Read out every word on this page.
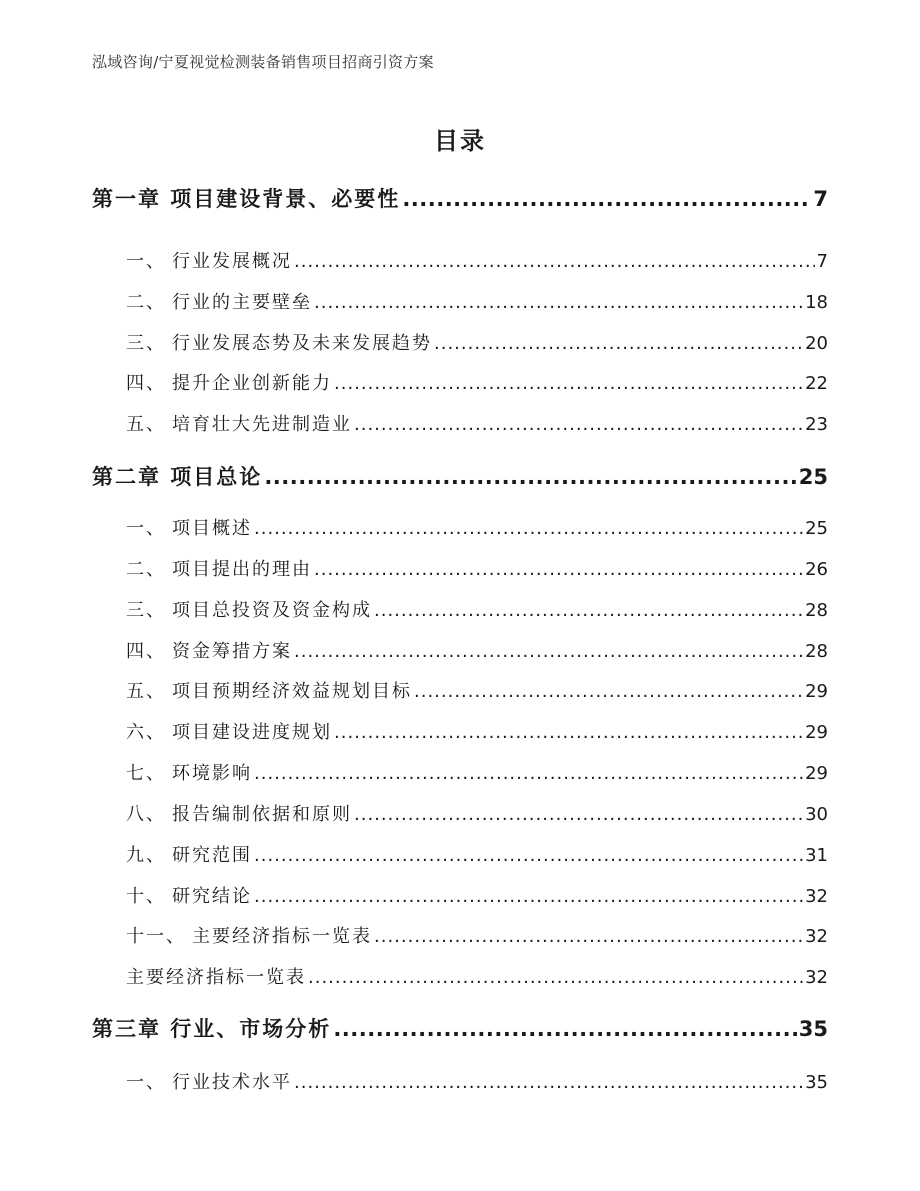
泓域咨询/宁夏视觉检测装备销售项目招商引资方案
目录
第一章 项目建设背景、必要性 .....	7
一、 行业发展概况 .....	7
二、 行业的主要壁垒 .....	18
三、 行业发展态势及未来发展趋势 .....	20
四、 提升企业创新能力 .....	22
五、 培育壮大先进制造业 .....	23
第二章 项目总论 .....	25
一、 项目概述 .....	25
二、 项目提出的理由 .....	26
三、 项目总投资及资金构成 .....	28
四、 资金筹措方案 .....	28
五、 项目预期经济效益规划目标 .....	29
六、 项目建设进度规划 .....	29
七、 环境影响 .....	29
八、 报告编制依据和原则 .....	30
九、 研究范围 .....	31
十、 研究结论 .....	32
十一、 主要经济指标一览表 .....	32
主要经济指标一览表 .....	32
第三章 行业、市场分析 .....	35
一、 行业技术水平 .....	35
